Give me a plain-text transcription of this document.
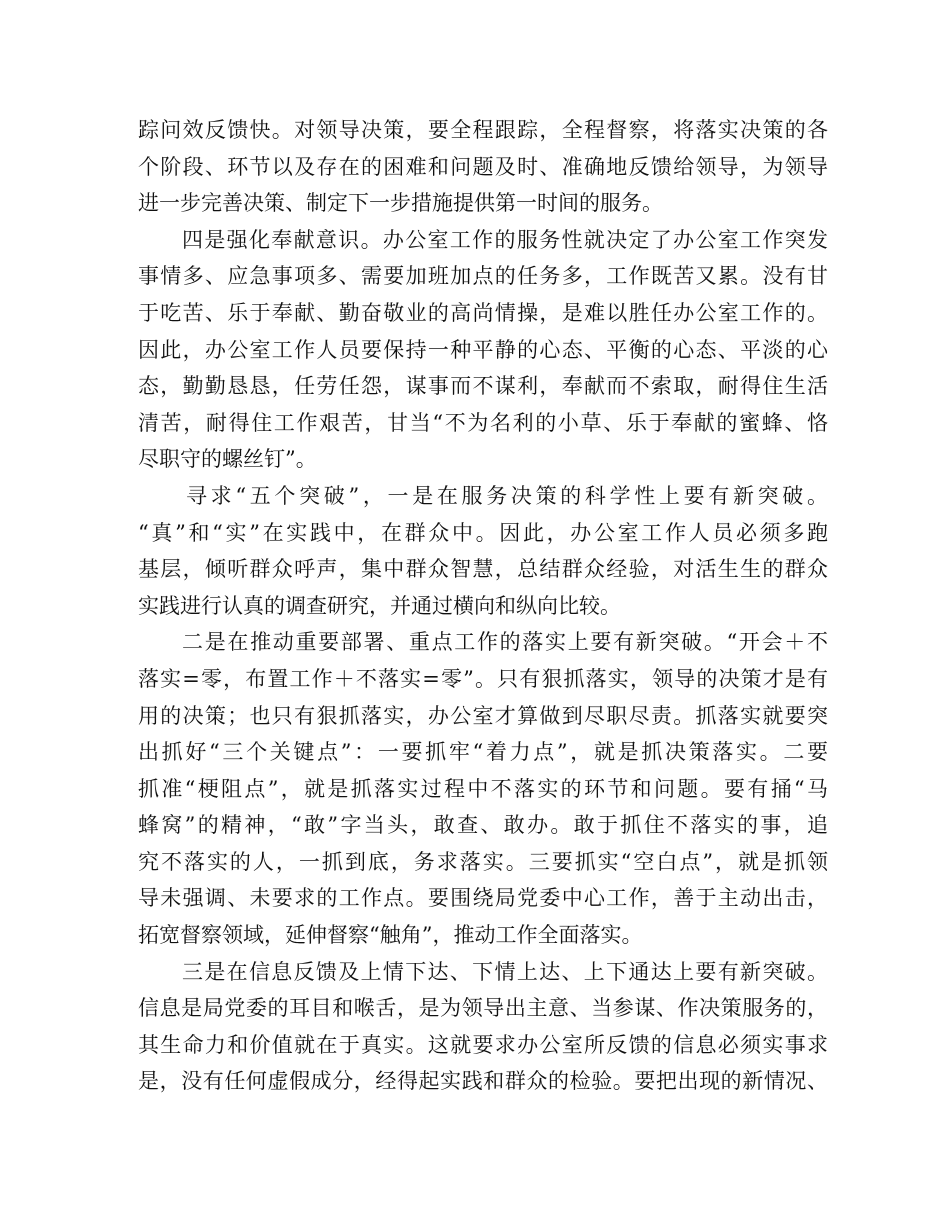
踪问效反馈快。对领导决策，要全程跟踪，全程督察，将落实决策的各
个阶段、环节以及存在的困难和问题及时、准确地反馈给领导，为领导
进一步完善决策、制定下一步措施提供第一时间的服务。
四是强化奉献意识。办公室工作的服务性就决定了办公室工作突发
事情多、应急事项多、需要加班加点的任务多，工作既苦又累。没有甘
于吃苦、乐于奉献、勤奋敬业的高尚情操，是难以胜任办公室工作的。
因此，办公室工作人员要保持一种平静的心态、平衡的心态、平淡的心
态，勤勤恳恳，任劳任怨，谋事而不谋利，奉献而不索取，耐得住生活
清苦，耐得住工作艰苦，甘当“不为名利的小草、乐于奉献的蜜蜂、恪
尽职守的螺丝钉”。
寻求“五个突破”，一是在服务决策的科学性上要有新突破。
“真”和“实”在实践中，在群众中。因此，办公室工作人员必须多跑
基层，倾听群众呼声，集中群众智慧，总结群众经验，对活生生的群众
实践进行认真的调查研究，并通过横向和纵向比较。
二是在推动重要部署、重点工作的落实上要有新突破。“开会＋不
落实=零，布置工作＋不落实=零”。只有狠抓落实，领导的决策才是有
用的决策；也只有狠抓落实，办公室才算做到尽职尽责。抓落实就要突
出抓好“三个关键点”：一要抓牢“着力点”，就是抓决策落实。二要
抓准“梗阻点”，就是抓落实过程中不落实的环节和问题。要有捅“马
蜂窝”的精神，“敢”字当头，敢查、敢办。敢于抓住不落实的事，追
究不落实的人，一抓到底，务求落实。三要抓实“空白点”，就是抓领
导未强调、未要求的工作点。要围绕局党委中心工作，善于主动出击，
拓宽督察领域，延伸督察“触角”，推动工作全面落实。
三是在信息反馈及上情下达、下情上达、上下通达上要有新突破。
信息是局党委的耳目和喉舌，是为领导出主意、当参谋、作决策服务的，
其生命力和价值就在于真实。这就要求办公室所反馈的信息必须实事求
是，没有任何虚假成分，经得起实践和群众的检验。要把出现的新情况、
